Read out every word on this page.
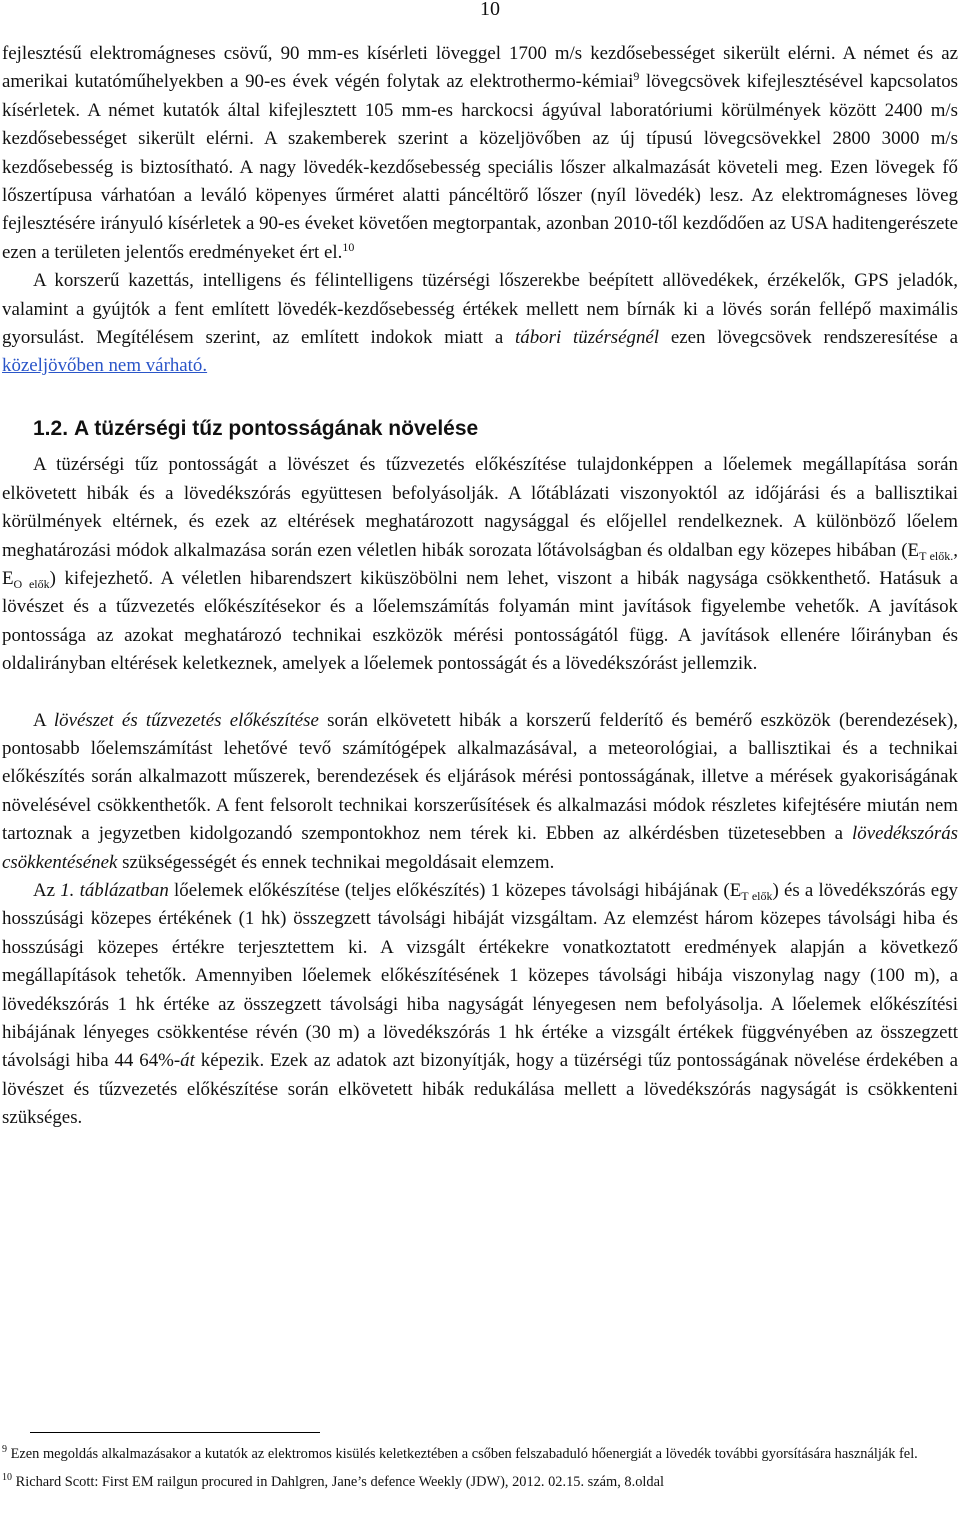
10

fejlesztésű elektromágneses csövű, 90 mm-es kísérleti löveggel 1700 m/s kezdősebességet sikerült elérni. A német és az amerikai kutatóműhelyekben a 90-es évek végén folytak az elektrothermo-kémiai$^9$ lövegcsövek kifejlesztésével kapcsolatos kísérletek. A német kutatók által kifejlesztett 105 mm-es harckocsi ágyúval laboratóriumi körülmények között 2400 m/s kezdősebességet sikerült elérni. A szakemberek szerint a közeljövőben az új típusú lövegcsövekkel 2800 3000 m/s kezdősebesség is biztosítható. A nagy lövedék-kezdősebesség speciális lőszer alkalmazását követeli meg. Ezen lövegek fő lőszertípusa várhatóan a leváló köpenyes űrméret alatti páncéltörő lőszer (nyíl lövedék) lesz. Az elektromágneses löveg fejlesztésére irányuló kísérletek a 90-es éveket követően megtorpantak, azonban 2010-től kezdődően az USA haditengerészete ezen a területen jelentős eredményeket ért el.$^{10}$

A korszerű kazettás, intelligens és félintelligens tüzérségi lőszerekbe beépített allövedékek, érzékelők, GPS jeladók, valamint a gyújtók a fent említett lövedék-kezdősebesség értékek mellett nem bírnák ki a lövés során fellépő maximális gyorsulást. Megítélésem szerint, az említett indokok miatt a tábori tüzérségnél ezen lövegcsövek rendszeresítése a közeljövőben nem várható.

1.2. A tüzérségi tűz pontosságának növelése

A tüzérségi tűz pontosságát a lövészet és tűzvezetés előkészítése tulajdonképpen a lőelemek megállapítása során elkövetett hibák és a lövedékszórás együttesen befolyásolják. A lőtáblázati viszonyoktól az időjárási és a ballisztikai körülmények eltérnek, és ezek az eltérések meghatározott nagysággal és előjellel rendelkeznek. A különböző lőelem meghatározási módok alkalmazása során ezen véletlen hibák sorozata lőtávolságban és oldalban egy közepes hibában ($E_{T elők.}$, $E_{O elők}$) kifejezhető. A véletlen hibarendszert kiküszöbölni nem lehet, viszont a hibák nagysága csökkenthető. Hatásuk a lövészet és a tűzvezetés előkészítésekor és a lőelemszámítás folyamán mint javítások figyelembe vehetők. A javítások pontossága az azokat meghatározó technikai eszközök mérési pontosságától függ. A javítások ellenére lőirányban és oldalirányban eltérések keletkeznek, amelyek a lőelemek pontosságát és a lövedékszórást jellemzik.

A lövészet és tűzvezetés előkészítése során elkövetett hibák a korszerű felderítő és bemérő eszközök (berendezések), pontosabb lőelemszámítást lehetővé tevő számítógépek alkalmazásával, a meteorológiai, a ballisztikai és a technikai előkészítés során alkalmazott műszerek, berendezések és eljárások mérési pontosságának, illetve a mérések gyakoriságának növelésével csökkenthetők. A fent felsorolt technikai korszerűsítések és alkalmazási módok részletes kifejtésére miután nem tartoznak a jegyzetben kidolgozandó szempontokhoz nem térek ki. Ebben az alkérdésben tüzetesebben a lövedékszórás csökkentésének szükségességét és ennek technikai megoldásait elemzem.

Az 1. táblázatban lőelemek előkészítése (teljes előkészítés) 1 közepes távolsági hibájának $(E_{T elők})$ és a lövedékszórás egy hosszúsági közepes értékének (1 hk) összegzett távolsági hibáját vizsgáltam. Az elemzést három közepes távolsági hiba és hosszúsági közepes értékre terjesztettem ki. A vizsgált értékekre vonatkoztatott eredmények alapján a következő megállapítások tehetők. Amennyiben lőelemek előkészítésének 1 közepes távolsági hibája viszonylag nagy (100 m), a lövedékszórás 1 hk értéke az összegzett távolsági hiba nagyságát lényegesen nem befolyásolja. A lőelemek előkészítési hibájának lényeges csökkentése révén (30 m) a lövedékszórás 1 hk értéke a vizsgált értékek függvényében az összegzett távolsági hiba 44 64%-át képezik. Ezek az adatok azt bizonyítják, hogy a tüzérségi tűz pontosságának növelése érdekében a lövészet és tűzvezetés előkészítése során elkövetett hibák redukálása mellett a lövedékszórás nagyságát is csökkenteni szükséges.

$^9$ Ezen megoldás alkalmazásakor a kutatók az elektromos kisülés keletkeztében a csőben felszabaduló hőenergiát a lövedék további gyorsítására használják fel.

$^{10}$ Richard Scott: First EM railgun procured in Dahlgren, Jane’s defence Weekly (JDW), 2012. 02.15. szám, 8.oldal
